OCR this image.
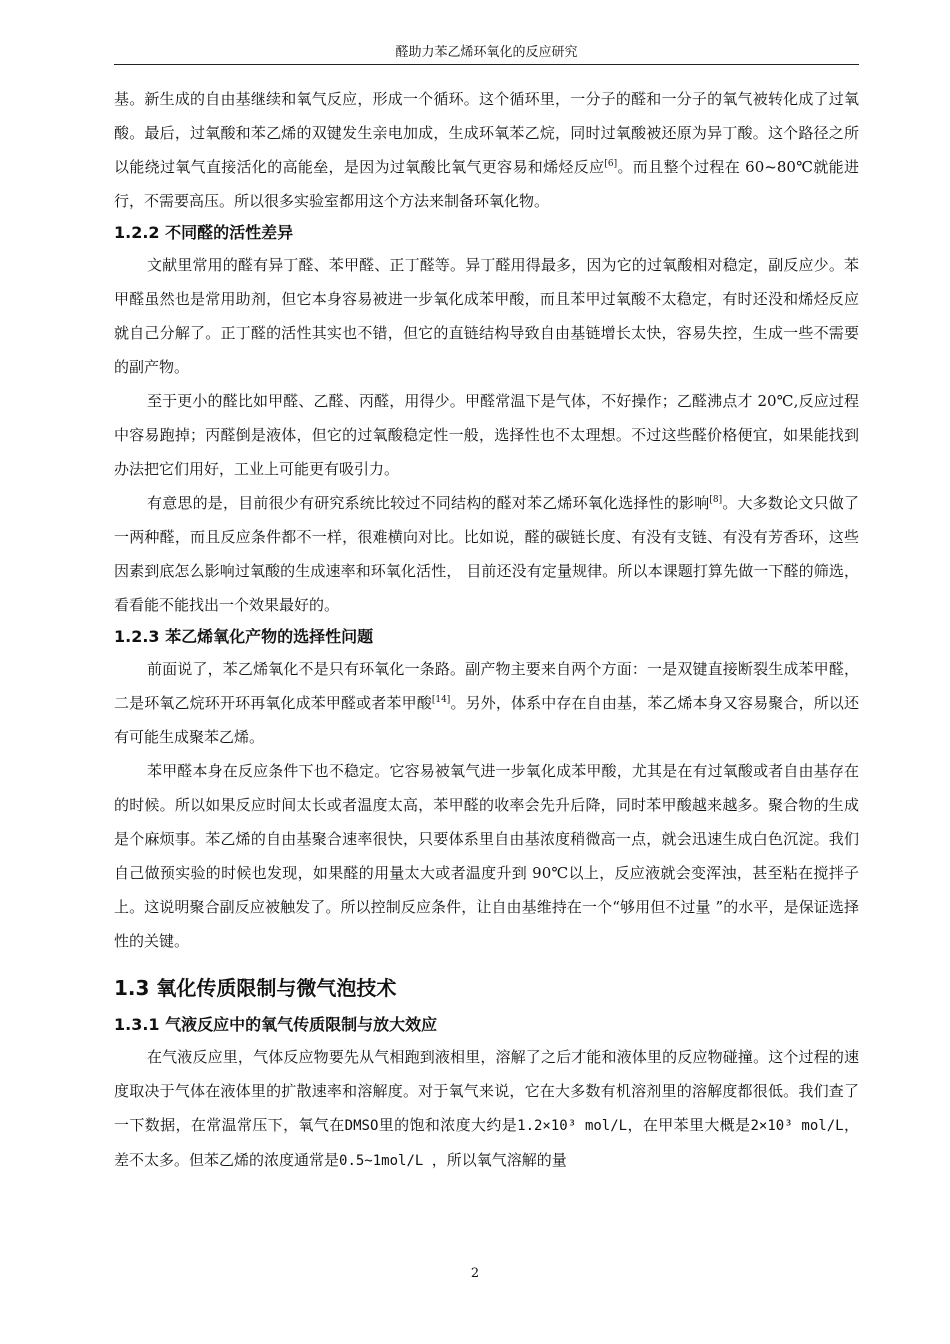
醛助力苯乙烯环氧化的反应研究

基。新生成的自由基继续和氧气反应，形成一个循环。这个循环里，一分子的醛和一分子的氧气被转化成了过氧酸。最后，过氧酸和苯乙烯的双键发生亲电加成，生成环氧苯乙烷，同时过氧酸被还原为异丁酸。这个路径之所以能绕过氧气直接活化的高能垒，是因为过氧酸比氧气更容易和烯烃反应[6]。而且整个过程在 60~80℃就能进行，不需要高压。所以很多实验室都用这个方法来制备环氧化物。

1.2.2 不同醛的活性差异

文献里常用的醛有异丁醛、苯甲醛、正丁醛等。异丁醛用得最多，因为它的过氧酸相对稳定，副反应少。苯甲醛虽然也是常用助剂，但它本身容易被进一步氧化成苯甲酸，而且苯甲过氧酸不太稳定，有时还没和烯烃反应就自己分解了。正丁醛的活性其实也不错，但它的直链结构导致自由基链增长太快，容易失控，生成一些不需要的副产物。

至于更小的醛比如甲醛、乙醛、丙醛，用得少。甲醛常温下是气体，不好操作；乙醛沸点才 20℃,反应过程中容易跑掉；丙醛倒是液体，但它的过氧酸稳定性一般，选择性也不太理想。不过这些醛价格便宜，如果能找到办法把它们用好，工业上可能更有吸引力。

有意思的是，目前很少有研究系统比较过不同结构的醛对苯乙烯环氧化选择性的影响[8]。大多数论文只做了一两种醛，而且反应条件都不一样，很难横向对比。比如说，醛的碳链长度、有没有支链、有没有芳香环，这些因素到底怎么影响过氧酸的生成速率和环氧化活性， 目前还没有定量规律。所以本课题打算先做一下醛的筛选，看看能不能找出一个效果最好的。

1.2.3 苯乙烯氧化产物的选择性问题

前面说了，苯乙烯氧化不是只有环氧化一条路。副产物主要来自两个方面：一是双键直接断裂生成苯甲醛，二是环氧乙烷环开环再氧化成苯甲醛或者苯甲酸[14]。另外，体系中存在自由基，苯乙烯本身又容易聚合，所以还有可能生成聚苯乙烯。

苯甲醛本身在反应条件下也不稳定。它容易被氧气进一步氧化成苯甲酸，尤其是在有过氧酸或者自由基存在的时候。所以如果反应时间太长或者温度太高，苯甲醛的收率会先升后降，同时苯甲酸越来越多。聚合物的生成是个麻烦事。苯乙烯的自由基聚合速率很快，只要体系里自由基浓度稍微高一点，就会迅速生成白色沉淀。我们自己做预实验的时候也发现，如果醛的用量太大或者温度升到 90℃以上，反应液就会变浑浊，甚至粘在搅拌子上。这说明聚合副反应被触发了。所以控制反应条件，让自由基维持在一个“够用但不过量 ”的水平，是保证选择性的关键。

1.3 氧化传质限制与微气泡技术
1.3.1 气液反应中的氧气传质限制与放大效应

在气液反应里，气体反应物要先从气相跑到液相里，溶解了之后才能和液体里的反应物碰撞。这个过程的速度取决于气体在液体里的扩散速率和溶解度。对于氧气来说，它在大多数有机溶剂里的溶解度都很低。我们查了一下数据，在常温常压下，氧气在DMSO里的饱和浓度大约是1.2×10³ mol/L，在甲苯里大概是2×10³ mol/L，差不太多。但苯乙烯的浓度通常是0.5~1mol/L ，所以氧气溶解的量

2
